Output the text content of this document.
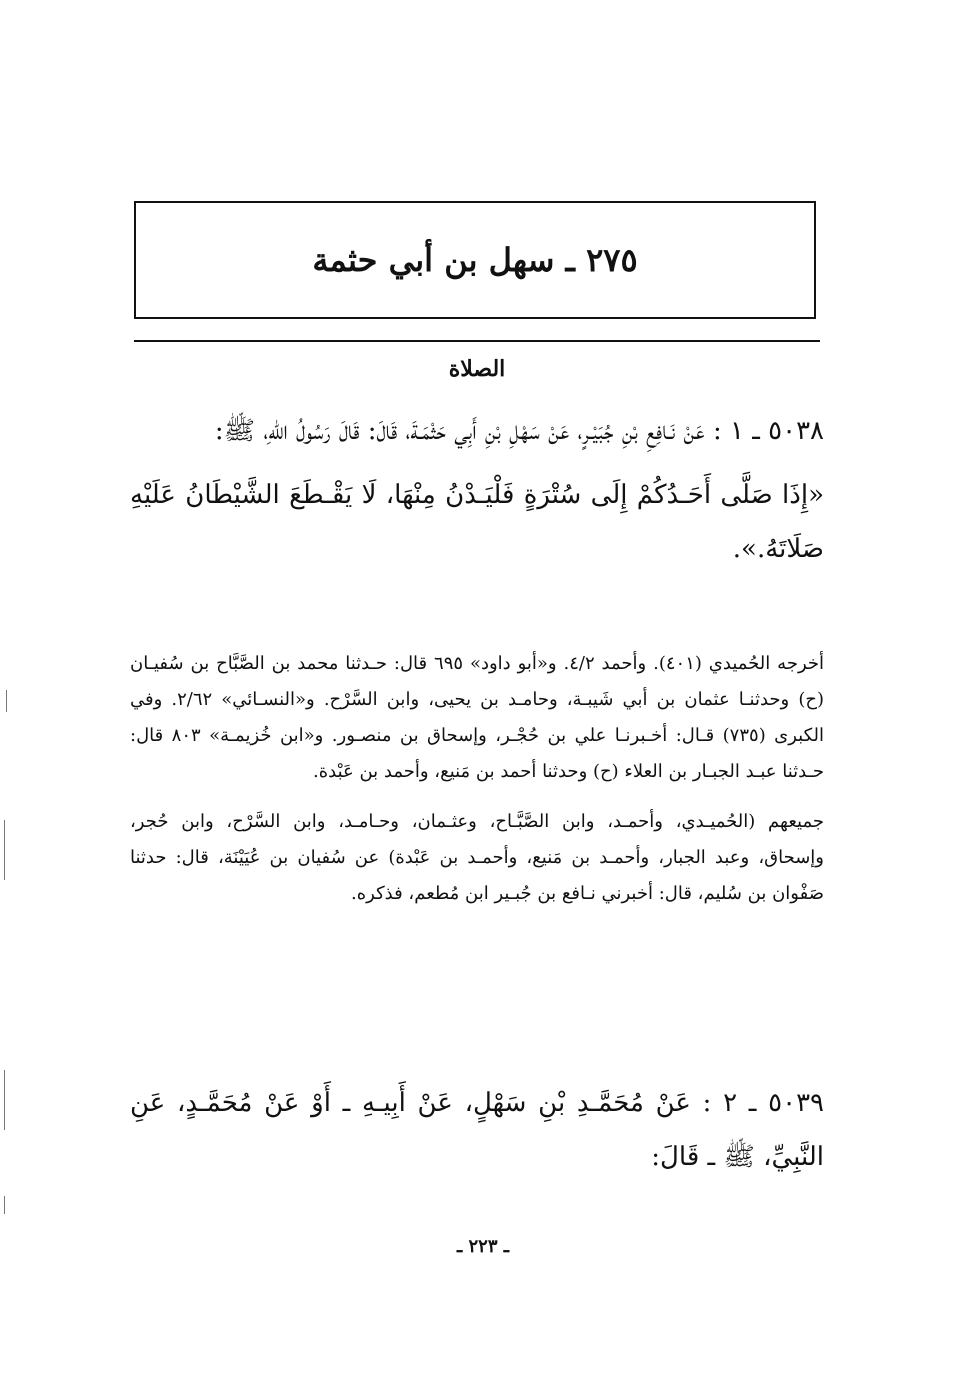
٢٧٥ ـ سهل بن أبي حثمة
الصلاة

٥٠٣٨ ـ ١ : عَنْ نَـافِعِ بْنِ جُبَيْـرٍ، عَنْ سَهْلِ بْنِ أَبِي حَثْمَـةَ، قَالَ: قَالَ رَسُولُ اللّٰهِ، ﷺ:

«إِذَا صَلَّى أَحَـدُكُمْ إِلَى سُتْرَةٍ فَلْيَـدْنُ مِنْهَا، لَا يَقْـطَعَ الشَّيْطَانُ عَلَيْهِ صَلَاتَهُ.».

أخرجه الحُميدي (٤٠١). وأحمد ٤/٢. و«أبو داود» ٦٩٥ قال: حـدثنا محمد بن الصَّبَّاح بن سُفيـان (ح) وحدثنـا عثمان بن أبي شَيبـة، وحامـد بن يحيى، وابن السَّرْح. و«النسـائي» ٢/٦٢. وفي الكبرى (٧٣٥) قـال: أخـبرنـا علي بن حُجْـر، وإسحاق بن منصـور. و«ابن خُزيمـة» ٨٠٣ قال: حـدثنا عبـد الجبـار بن العلاء (ح) وحدثنا أحمد بن مَنيع، وأحمد بن عَبْدة.

جميعهم (الحُميـدي، وأحمـد، وابن الصَّبَّـاح، وعثـمان، وحـامـد، وابن السَّرْح، وابن حُجر، وإسحاق، وعبد الجبار، وأحمـد بن مَنيع، وأحمـد بن عَبْدة) عن سُفيان بن عُيَيْنَة، قال: حدثنا صَفْوان بن سُليم، قال: أخبرني نـافع بن جُبـير ابن مُطعم، فذكره.

٥٠٣٩ ـ ٢ : عَنْ مُحَمَّـدِ بْنِ سَهْلٍ، عَنْ أَبِيـهِ ـ أَوْ عَنْ مُحَمَّـدٍ، عَنِ النَّبِيِّ، ﷺ ـ قَالَ:

ـ ٢٢٣ ـ
